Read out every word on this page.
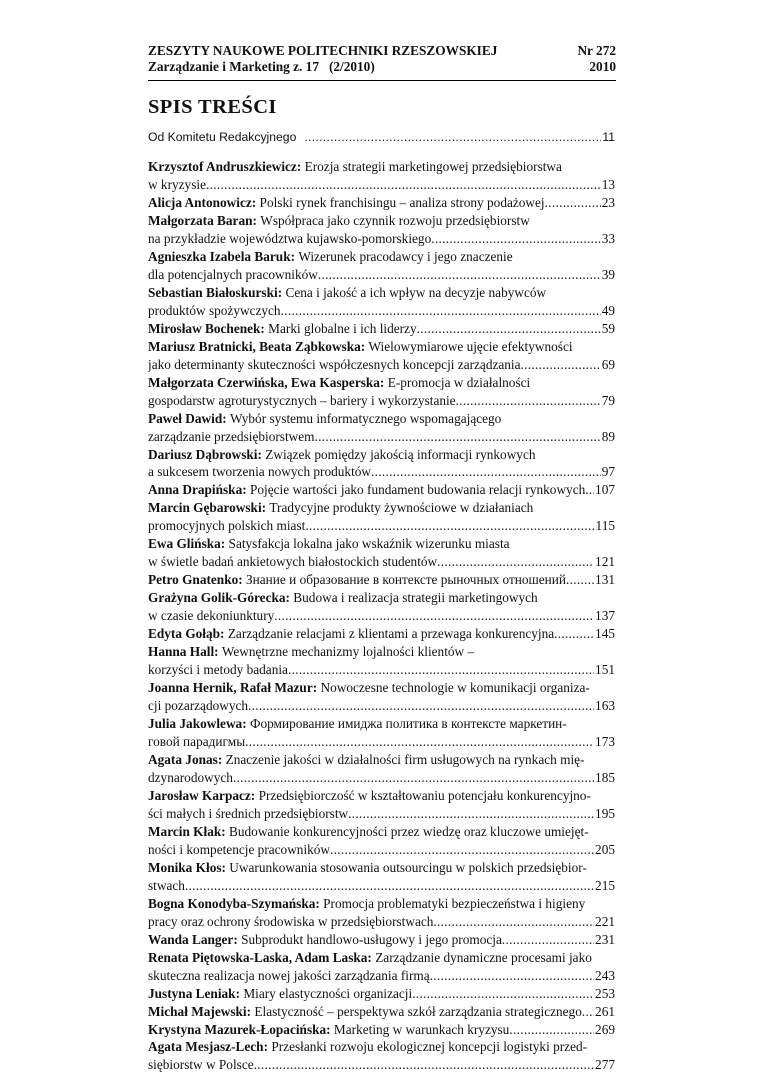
ZESZYTY NAUKOWE POLITECHNIKI RZESZOWSKIEJ	Nr 272
Zarządzanie i Marketing z. 17 (2/2010)	2010
SPIS TREŚCI
Od Komitetu Redakcyjnego .....	11
Krzysztof Andruszkiewicz:
Erozja strategii marketingowej przedsiębiorstwa
w kryzysie .....	13
Alicja Antonowicz:
Polski rynek franchisingu – analiza strony podażowej .....	23
Małgorzata Baran:
Współpraca jako czynnik rozwoju przedsiębiorstw
na przykładzie województwa kujawsko-pomorskiego .....	33
Agnieszka Izabela Baruk:
Wizerunek pracodawcy i jego znaczenie
dla potencjalnych pracowników .....	39
Sebastian Białoskurski:
Cena i jakość a ich wpływ na decyzje nabywców
produktów spożywczych .....	49
Mirosław Bochenek:
Marki globalne i ich liderzy .....	59
Mariusz Bratnicki, Beata Ząbkowska:
Wielowymiarowe ujęcie efektywności
jako determinanty skuteczności współczesnych koncepcji zarządzania .....	69
Małgorzata Czerwińska, Ewa Kasperska:
E-promocja w działalności
gospodarstw agroturystycznych – bariery i wykorzystanie .....	79
Paweł Dawid:
Wybór systemu informatycznego wspomagającego
zarządzanie przedsiębiorstwem .....	89
Dariusz Dąbrowski:
Związek pomiędzy jakością informacji rynkowych
a sukcesem tworzenia nowych produktów .....	97
Anna Drapińska:
Pojęcie wartości jako fundament budowania relacji rynkowych ..... 107
Marcin Gębarowski:
Tradycyjne produkty żywnościowe w działaniach
promocyjnych polskich miast .....	115
Ewa Glińska:
Satysfakcja lokalna jako wskaźnik wizerunku miasta
w świetle badań ankietowych białostockich studentów .....	121
Petro Gnatenko:
Знание и образование в контексте рыночных отношений ..... 131
Grażyna Golik-Górecka:
Budowa i realizacja strategii marketingowych
w czasie dekoniunktury .....	137
Edyta Gołąb:
Zarządzanie relacjami z klientami a przewaga konkurencyjna .....	145
Hanna Hall:
Wewnętrzne mechanizmy lojalności klientów –
korzyści i metody badania .....	151
Joanna Hernik, Rafał Mazur:
Nowoczesne technologie w komunikacji organiza-
cji pozarządowych .....	163
Julia Jakowlewa:
Формирование имиджа политика в контексте маркетин-
говой парадигмы .....	173
Agata Jonas:
Znaczenie jakości w działalności firm usługowych na rynkach mię-
dzynarodowych .....	185
Jarosław Karpacz:
Przedsiębiorczość w kształtowaniu potencjału konkurencyjno-
ści małych i średnich przedsiębiorstw .....	195
Marcin Kłak:
Budowanie konkurencyjności przez wiedzę oraz kluczowe umiejęt-
ności i kompetencje pracowników .....	205
Monika Kłos:
Uwarunkowania stosowania outsourcingu w polskich przedsiębior-
stwach .....	215
Bogna Konodyba-Szymańska:
Promocja problematyki bezpieczeństwa i higieny
pracy oraz ochrony środowiska w przedsiębiorstwach .....	221
Wanda Langer:
Subprodukt handlowo-usługowy i jego promocja .....	231
Renata Piętowska-Laska, Adam Laska:
Zarządzanie dynamiczne procesami jako
skuteczna realizacja nowej jakości zarządzania firmą .....	243
Justyna Leniak:
Miary elastyczności organizacji .....	253
Michał Majewski:
Elastyczność – perspektywa szkół zarządzania strategicznego ..... 261
Krystyna Mazurek-Łopacińska:
Marketing w warunkach kryzysu .....	269
Agata Mesjasz-Lech:
Przesłanki rozwoju ekologicznej koncepcji logistyki przed-
siębiorstw w Polsce .....	277
